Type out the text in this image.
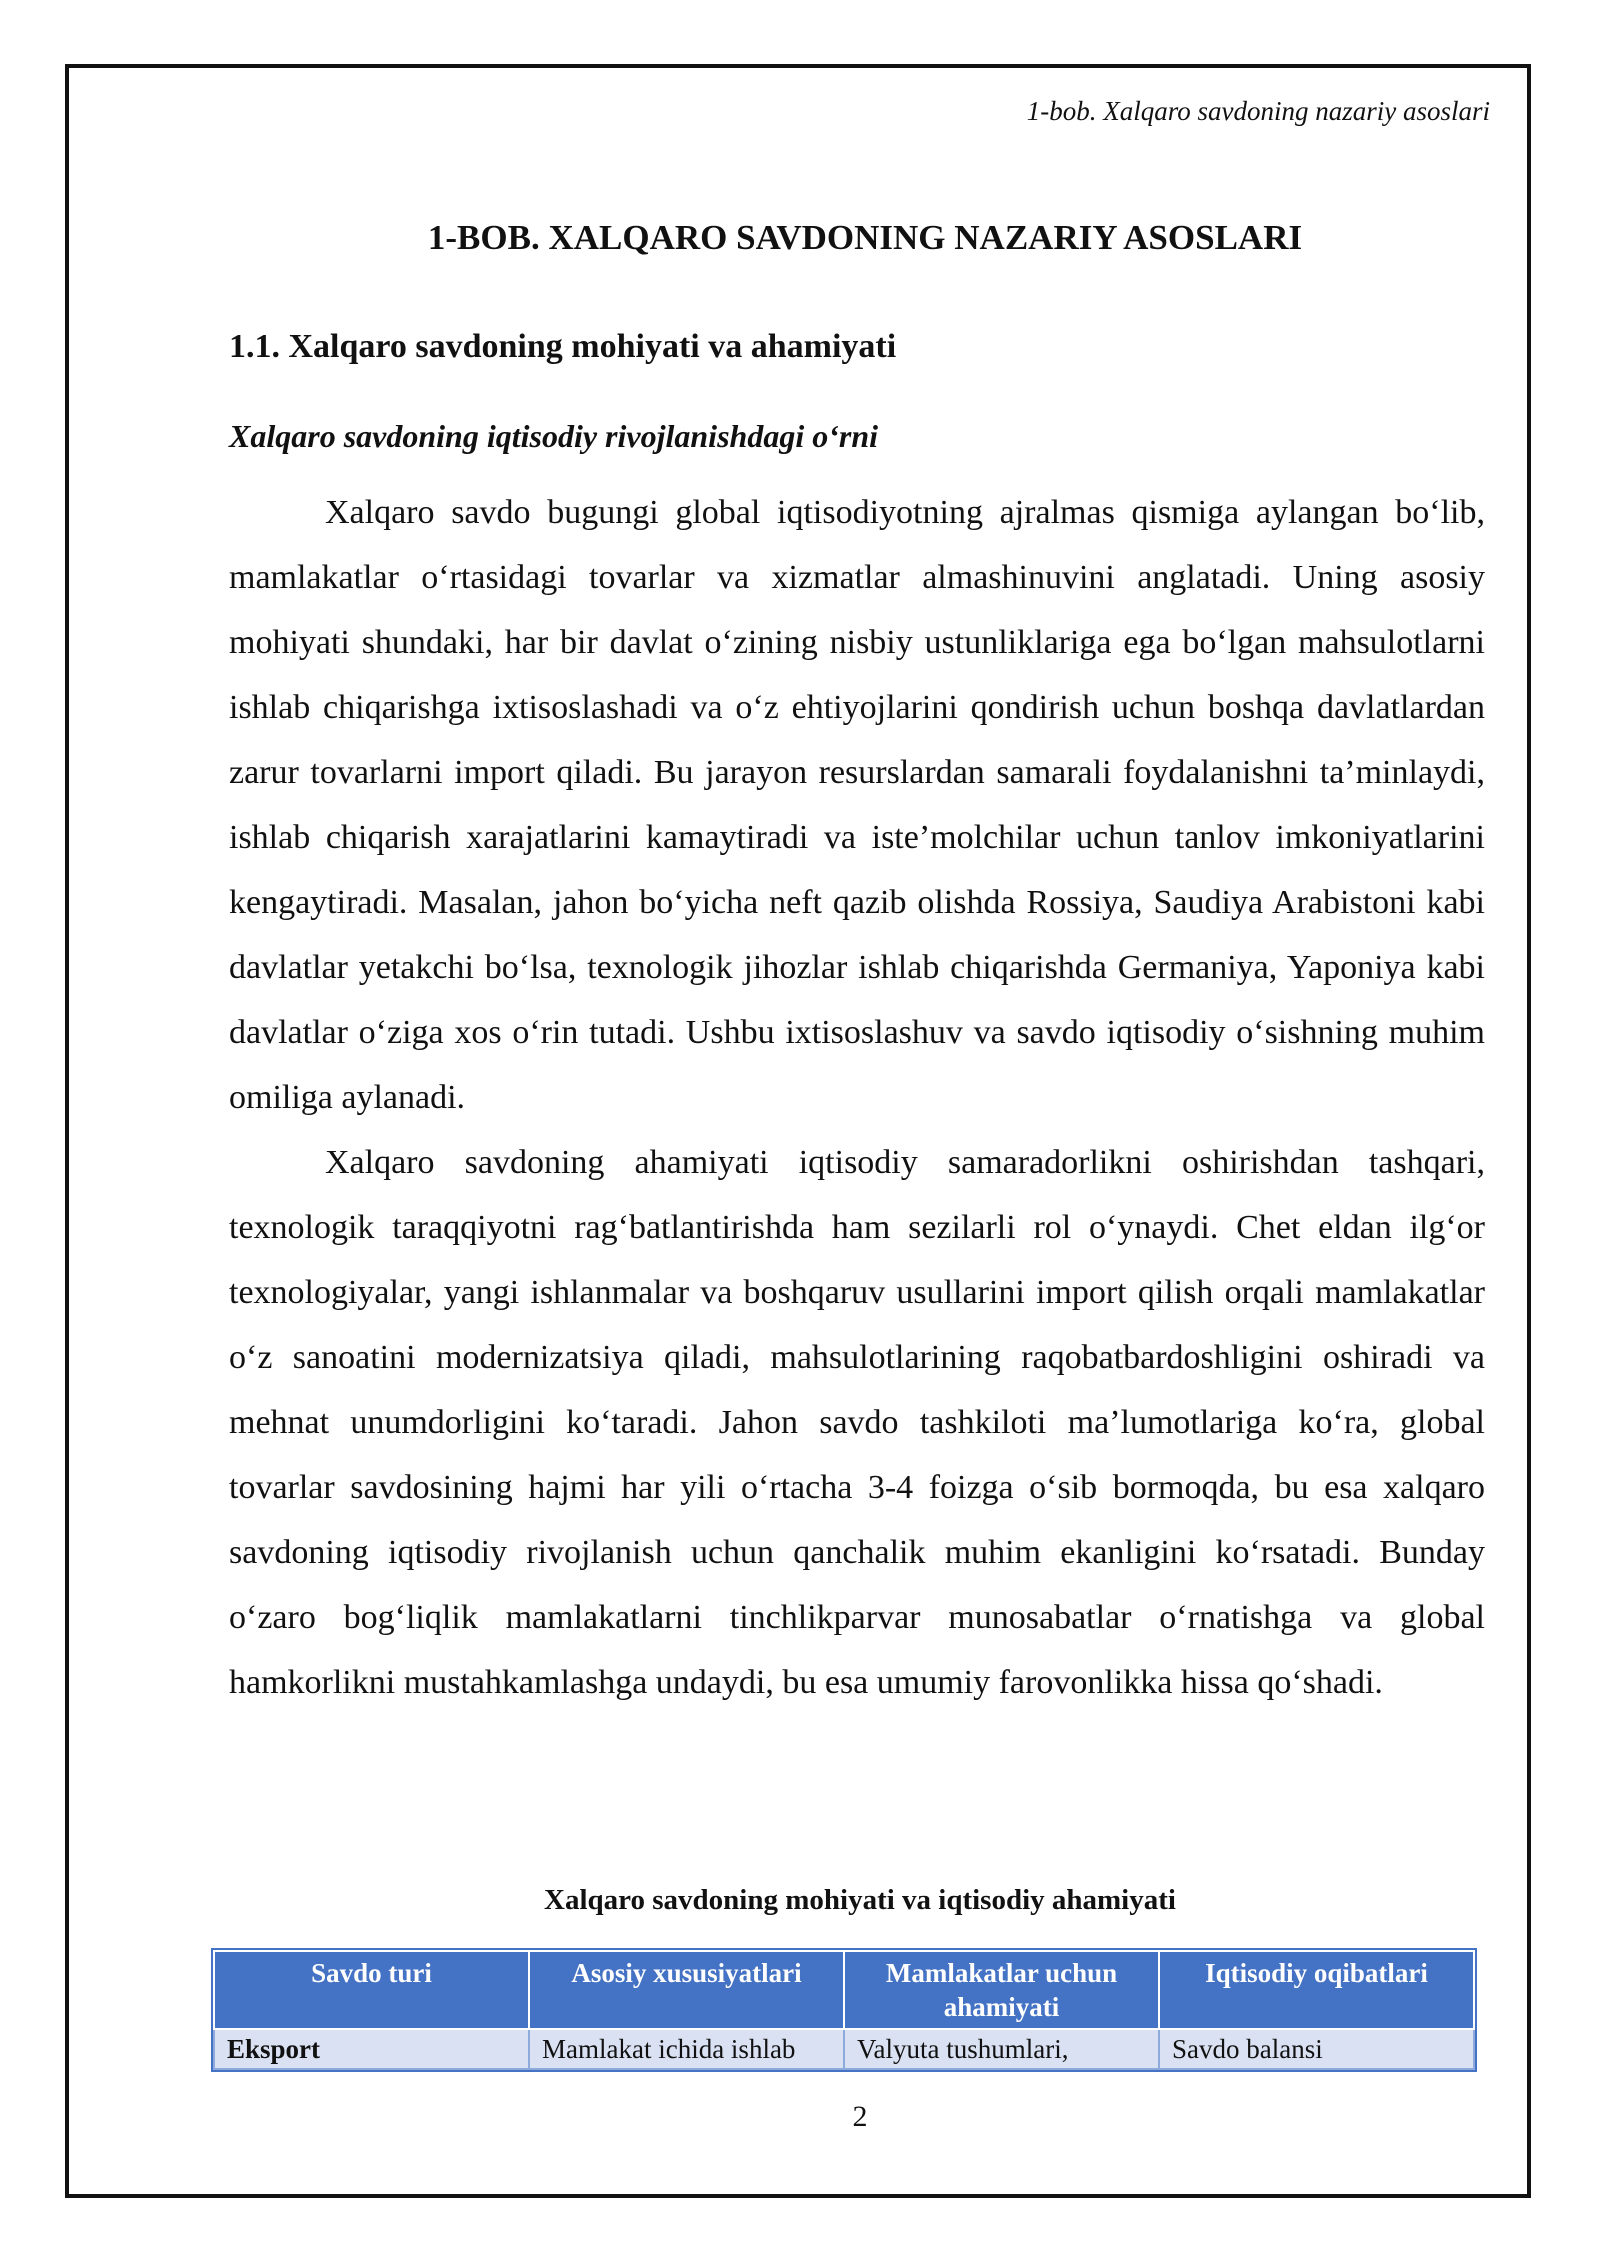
1-bob. Xalqaro savdoning nazariy asoslari
1-BOB. XALQARO SAVDONING NAZARIY ASOSLARI
1.1. Xalqaro savdoning mohiyati va ahamiyati
Xalqaro savdoning iqtisodiy rivojlanishdagi o‘rni

Xalqaro savdo bugungi global iqtisodiyotning ajralmas qismiga aylangan bo‘lib, mamlakatlar o‘rtasidagi tovarlar va xizmatlar almashinuvini anglatadi. Uning asosiy mohiyati shundaki, har bir davlat o‘zining nisbiy ustunliklariga ega bo‘lgan mahsulotlarni ishlab chiqarishga ixtisoslashadi va o‘z ehtiyojlarini qondirish uchun boshqa davlatlardan zarur tovarlarni import qiladi. Bu jarayon resurslardan samarali foydalanishni ta’minlaydi, ishlab chiqarish xarajatlarini kamaytiradi va iste’molchilar uchun tanlov imkoniyatlarini kengaytiradi. Masalan, jahon bo‘yicha neft qazib olishda Rossiya, Saudiya Arabistoni kabi davlatlar yetakchi bo‘lsa, texnologik jihozlar ishlab chiqarishda Germaniya, Yaponiya kabi davlatlar o‘ziga xos o‘rin tutadi. Ushbu ixtisoslashuv va savdo iqtisodiy o‘sishning muhim omiliga aylanadi.

Xalqaro savdoning ahamiyati iqtisodiy samaradorlikni oshirishdan tashqari, texnologik taraqqiyotni rag‘batlantirishda ham sezilarli rol o‘ynaydi. Chet eldan ilg‘or texnologiyalar, yangi ishlanmalar va boshqaruv usullarini import qilish orqali mamlakatlar o‘z sanoatini modernizatsiya qiladi, mahsulotlarining raqobatbardoshligini oshiradi va mehnat unumdorligini ko‘taradi. Jahon savdo tashkiloti ma’lumotlariga ko‘ra, global tovarlar savdosining hajmi har yili o‘rtacha 3-4 foizga o‘sib bormoqda, bu esa xalqaro savdoning iqtisodiy rivojlanish uchun qanchalik muhim ekanligini ko‘rsatadi. Bunday o‘zaro bog‘liqlik mamlakatlarni tinchlikparvar munosabatlar o‘rnatishga va global hamkorlikni mustahkamlashga undaydi, bu esa umumiy farovonlikka hissa qo‘shadi.

Xalqaro savdoning mohiyati va iqtisodiy ahamiyati
Savdo turi	Asosiy xususiyatlari	Mamlakatlar uchun ahamiyati	Iqtisodiy oqibatlari
Eksport	Mamlakat ichida ishlab	Valyuta tushumlari,	Savdo balansi
2
